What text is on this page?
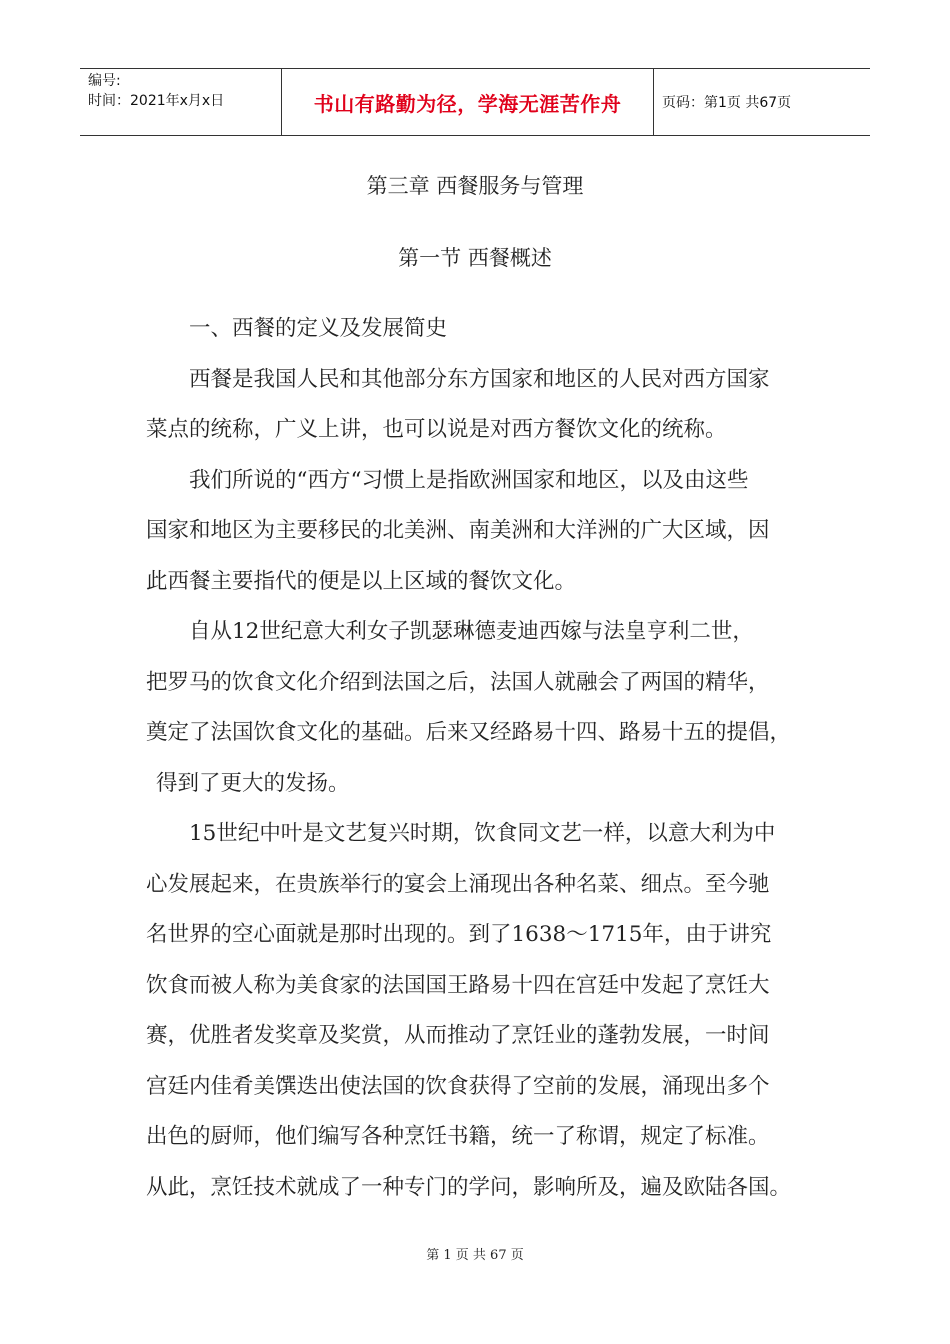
编号:
时间：2021年x月x日	书山有路勤为径，学海无涯苦作舟	页码：第1页 共67页
第三章 西餐服务与管理
第一节 西餐概述
一、西餐的定义及发展简史
西餐是我国人民和其他部分东方国家和地区的人民对西方国家
菜点的统称，广义上讲，也可以说是对西方餐饮文化的统称。
我们所说的“西方“习惯上是指欧洲国家和地区，以及由这些
国家和地区为主要移民的北美洲、南美洲和大洋洲的广大区域，因
此西餐主要指代的便是以上区域的餐饮文化。
自从12世纪意大利女子凯瑟琳德麦迪西嫁与法皇亨利二世，
把罗马的饮食文化介绍到法国之后，法国人就融会了两国的精华，
奠定了法国饮食文化的基础。后来又经路易十四、路易十五的提倡，
得到了更大的发扬。
15世纪中叶是文艺复兴时期，饮食同文艺一样，以意大利为中
心发展起来，在贵族举行的宴会上涌现出各种名菜、细点。至今驰
名世界的空心面就是那时出现的。到了1638～1715年，由于讲究
饮食而被人称为美食家的法国国王路易十四在宫廷中发起了烹饪大
赛，优胜者发奖章及奖赏，从而推动了烹饪业的蓬勃发展，一时间
宫廷内佳肴美馔迭出使法国的饮食获得了空前的发展，涌现出多个
出色的厨师，他们编写各种烹饪书籍，统一了称谓，规定了标准。
从此，烹饪技术就成了一种专门的学问，影响所及，遍及欧陆各国。
第 1 页 共 67 页
